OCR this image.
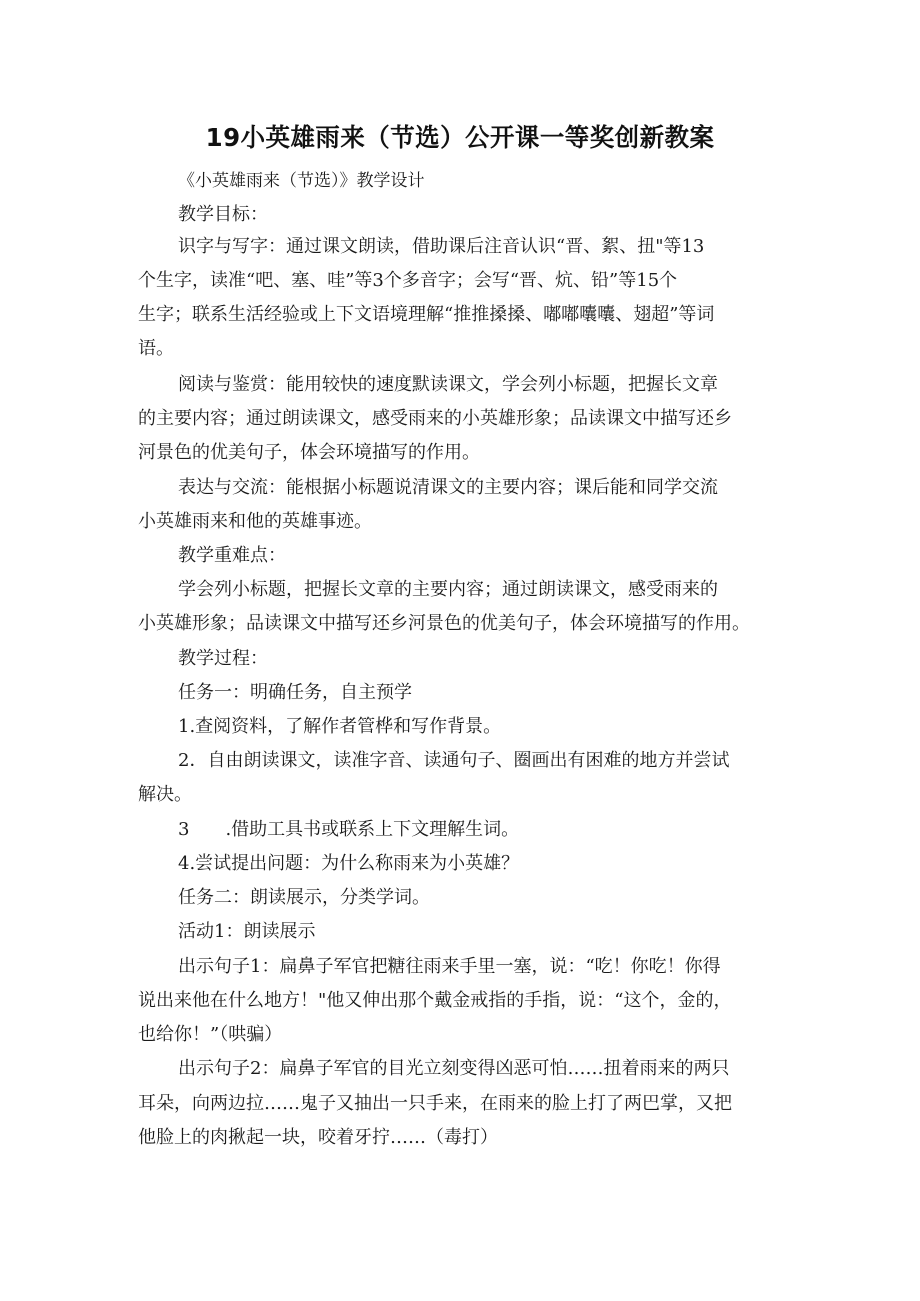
19小英雄雨来（节选）公开课一等奖创新教案

《小英雄雨来（节选）》教学设计

教学目标：

识字与写字：通过课文朗读，借助课后注音认识“晋、絮、扭"等13

个生字，读准“吧、塞、哇”等3个多音字；会写“晋、炕、铅”等15个

生字；联系生活经验或上下文语境理解“推推搡搡、嘟嘟囔囔、翅超”等词

语。

阅读与鉴赏：能用较快的速度默读课文，学会列小标题，把握长文章

的主要内容；通过朗读课文，感受雨来的小英雄形象；品读课文中描写还乡

河景色的优美句子，体会环境描写的作用。

表达与交流：能根据小标题说清课文的主要内容；课后能和同学交流

小英雄雨来和他的英雄事迹。

教学重难点：

学会列小标题，把握长文章的主要内容；通过朗读课文，感受雨来的

小英雄形象；品读课文中描写还乡河景色的优美句子，体会环境描写的作用。

教学过程：

任务一：明确任务，自主预学

1.查阅资料，了解作者管桦和写作背景。

2．自由朗读课文，读准字音、读通句子、圈画出有困难的地方并尝试

解决。

3　　.借助工具书或联系上下文理解生词。

4.尝试提出问题：为什么称雨来为小英雄？

任务二：朗读展示，分类学词。

活动1：朗读展示

出示句子1：扁鼻子军官把糖往雨来手里一塞，说：“吃！你吃！你得

说出来他在什么地方！"他又伸出那个戴金戒指的手指，说：“这个，金的，

也给你！”（哄骗）

出示句子2：扁鼻子军官的目光立刻变得凶恶可怕……扭着雨来的两只

耳朵，向两边拉……鬼子又抽出一只手来，在雨来的脸上打了两巴掌，又把

他脸上的肉揪起一块，咬着牙拧……（毒打）
